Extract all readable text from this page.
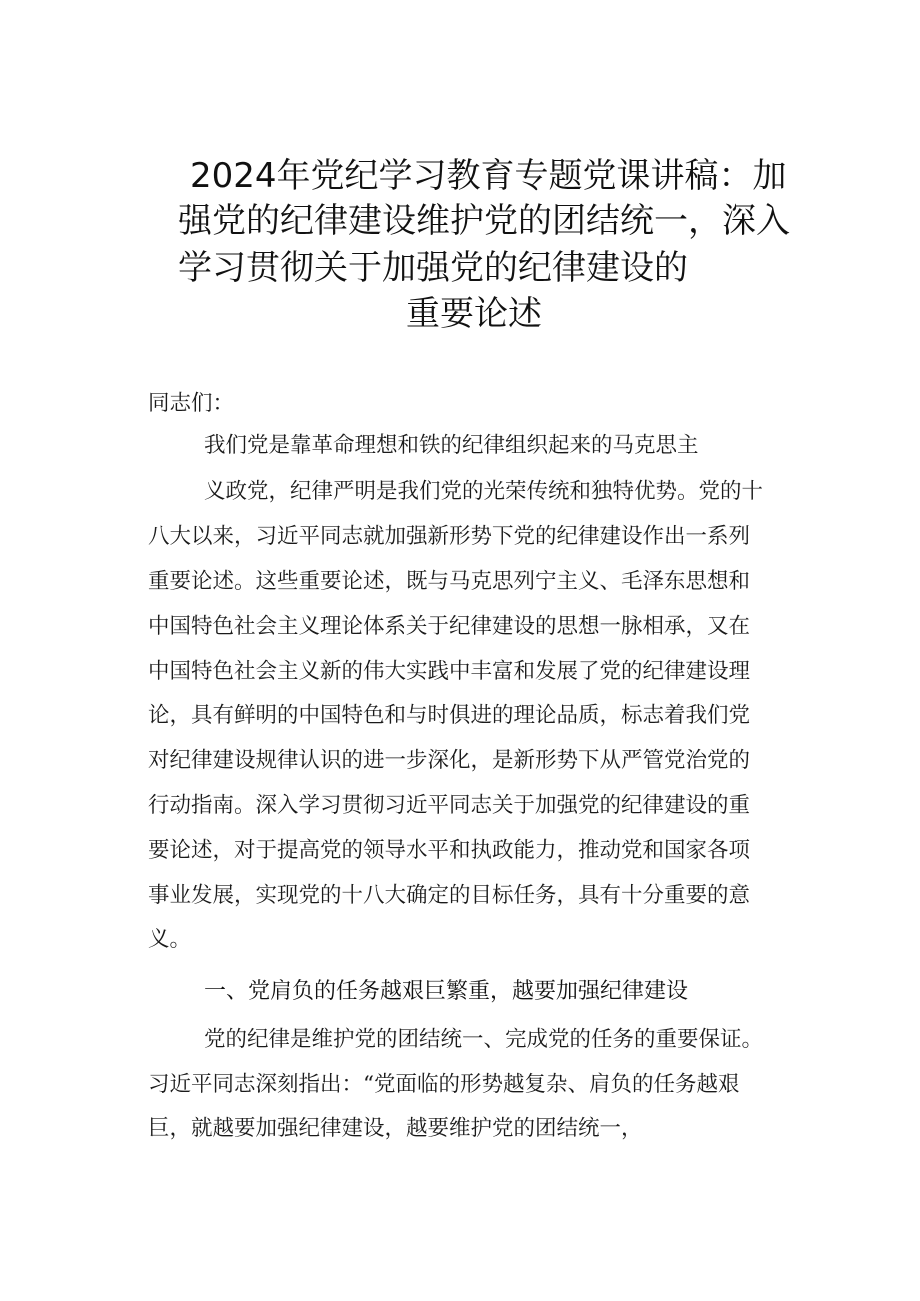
2024年党纪学习教育专题党课讲稿：加
强党的纪律建设维护党的团结统一，深入
学习贯彻关于加强党的纪律建设的
重要论述
同志们：
我们党是靠革命理想和铁的纪律组织起来的马克思主
义政党，纪律严明是我们党的光荣传统和独特优势。党的十
八大以来，习近平同志就加强新形势下党的纪律建设作出一系列
重要论述。这些重要论述，既与马克思列宁主义、毛泽东思想和
中国特色社会主义理论体系关于纪律建设的思想一脉相承，又在
中国特色社会主义新的伟大实践中丰富和发展了党的纪律建设理
论，具有鲜明的中国特色和与时俱进的理论品质，标志着我们党
对纪律建设规律认识的进一步深化，是新形势下从严管党治党的
行动指南。深入学习贯彻习近平同志关于加强党的纪律建设的重
要论述，对于提高党的领导水平和执政能力，推动党和国家各项
事业发展，实现党的十八大确定的目标任务，具有十分重要的意
义。
一、党肩负的任务越艰巨繁重，越要加强纪律建设
党的纪律是维护党的团结统一、完成党的任务的重要保证。
习近平同志深刻指出：“党面临的形势越复杂、肩负的任务越艰
巨，就越要加强纪律建设，越要维护党的团结统一，
